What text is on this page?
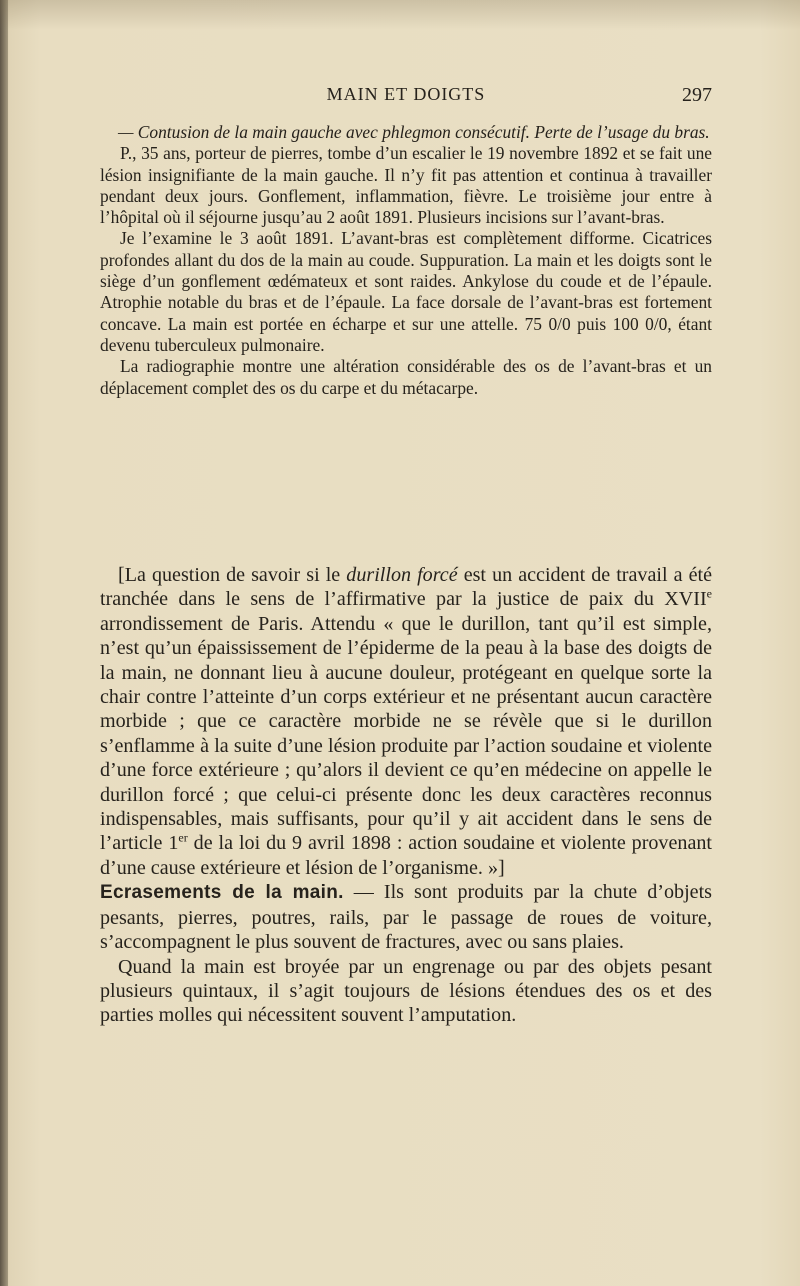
MAIN ET DOIGTS	297

— Contusion de la main gauche avec phlegmon consécutif. Perte de l’usage du bras.

P., 35 ans, porteur de pierres, tombe d’un escalier le 19 novembre 1892 et se fait une lésion insignifiante de la main gauche. Il n’y fit pas attention et continua à travailler pendant deux jours. Gonflement, inflammation, fièvre. Le troisième jour entre à l’hôpital où il séjourne jusqu’au 2 août 1891. Plusieurs incisions sur l’avant-bras.

Je l’examine le 3 août 1891. L’avant-bras est complètement difforme. Cicatrices profondes allant du dos de la main au coude. Suppuration. La main et les doigts sont le siège d’un gonflement œdémateux et sont raides. Ankylose du coude et de l’épaule. Atrophie notable du bras et de l’épaule. La face dorsale de l’avant-bras est fortement concave. La main est portée en écharpe et sur une attelle. 75 0/0 puis 100 0/0, étant devenu tuberculeux pulmonaire.

La radiographie montre une altération considérable des os de l’avant-bras et un déplacement complet des os du carpe et du métacarpe.

[La question de savoir si le durillon forcé est un accident de travail a été tranchée dans le sens de l’affirmative par la justice de paix du XVIIe arrondissement de Paris. Attendu « que le durillon, tant qu’il est simple, n’est qu’un épaississement de l’épiderme de la peau à la base des doigts de la main, ne donnant lieu à aucune douleur, protégeant en quelque sorte la chair contre l’atteinte d’un corps extérieur et ne présentant aucun caractère morbide ; que ce caractère morbide ne se révèle que si le durillon s’enflamme à la suite d’une lésion produite par l’action soudaine et violente d’une force extérieure ; qu’alors il devient ce qu’en médecine on appelle le durillon forcé ; que celui-ci présente donc les deux caractères reconnus indispensables, mais suffisants, pour qu’il y ait accident dans le sens de l’article 1er de la loi du 9 avril 1898 : action soudaine et violente provenant d’une cause extérieure et lésion de l’organisme. »]

Ecrasements de la main. — Ils sont produits par la chute d’objets pesants, pierres, poutres, rails, par le passage de roues de voiture, s’accompagnent le plus souvent de fractures, avec ou sans plaies.

Quand la main est broyée par un engrenage ou par des objets pesant plusieurs quintaux, il s’agit toujours de lésions étendues des os et des parties molles qui nécessitent souvent l’amputation.
